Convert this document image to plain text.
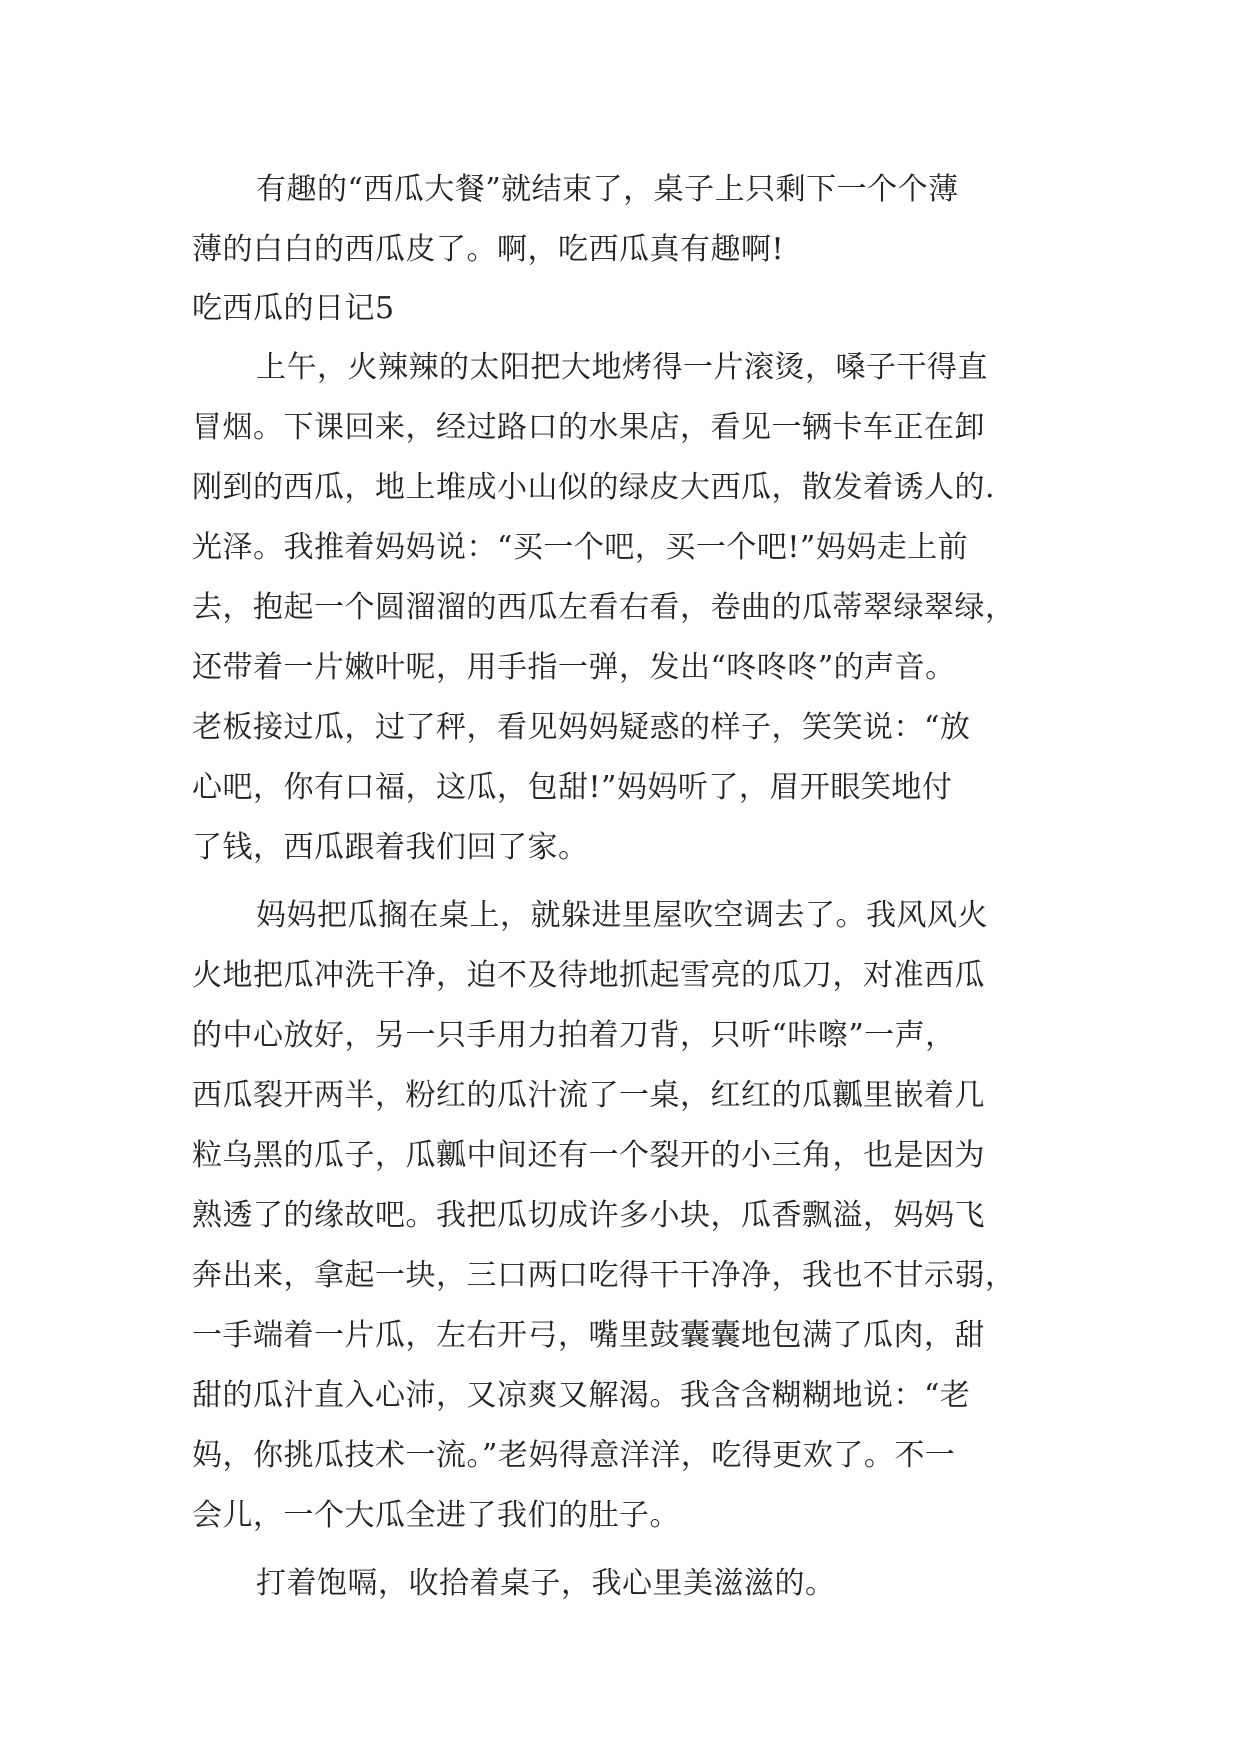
有趣的“西瓜大餐”就结束了，桌子上只剩下一个个薄
薄的白白的西瓜皮了。啊，吃西瓜真有趣啊!
吃西瓜的日记5
上午，火辣辣的太阳把大地烤得一片滚烫，嗓子干得直
冒烟。下课回来，经过路口的水果店，看见一辆卡车正在卸
刚到的西瓜，地上堆成小山似的绿皮大西瓜，散发着诱人的.
光泽。我推着妈妈说：“买一个吧，买一个吧!”妈妈走上前
去，抱起一个圆溜溜的西瓜左看右看，卷曲的瓜蒂翠绿翠绿，
还带着一片嫩叶呢，用手指一弹，发出“咚咚咚”的声音。
老板接过瓜，过了秤，看见妈妈疑惑的样子，笑笑说：“放
心吧，你有口福，这瓜，包甜!”妈妈听了，眉开眼笑地付
了钱，西瓜跟着我们回了家。
妈妈把瓜搁在桌上，就躲进里屋吹空调去了。我风风火
火地把瓜冲洗干净，迫不及待地抓起雪亮的瓜刀，对准西瓜
的中心放好，另一只手用力拍着刀背，只听“咔嚓”一声，
西瓜裂开两半，粉红的瓜汁流了一桌，红红的瓜瓤里嵌着几
粒乌黑的瓜子，瓜瓤中间还有一个裂开的小三角，也是因为
熟透了的缘故吧。我把瓜切成许多小块，瓜香飘溢，妈妈飞
奔出来，拿起一块，三口两口吃得干干净净，我也不甘示弱，
一手端着一片瓜，左右开弓，嘴里鼓囊囊地包满了瓜肉，甜
甜的瓜汁直入心沛，又凉爽又解渴。我含含糊糊地说：“老
妈，你挑瓜技术一流。”老妈得意洋洋，吃得更欢了。不一
会儿，一个大瓜全进了我们的肚子。
打着饱嗝，收拾着桌子，我心里美滋滋的。
